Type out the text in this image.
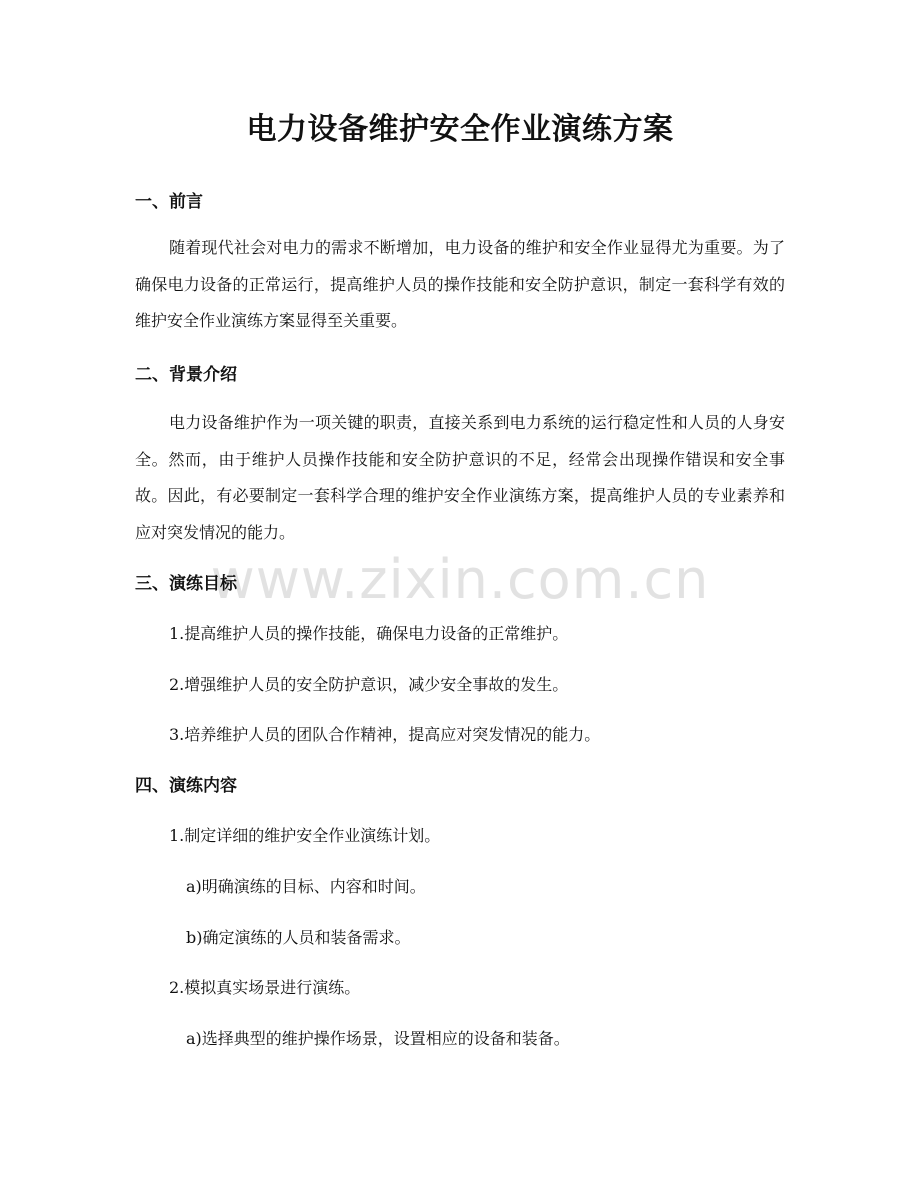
www.zixin.com.cn
电力设备维护安全作业演练方案
一、前言

随着现代社会对电力的需求不断增加，电力设备的维护和安全作业显得尤为重要。为了确保电力设备的正常运行，提高维护人员的操作技能和安全防护意识，制定一套科学有效的维护安全作业演练方案显得至关重要。

二、背景介绍

电力设备维护作为一项关键的职责，直接关系到电力系统的运行稳定性和人员的人身安全。然而，由于维护人员操作技能和安全防护意识的不足，经常会出现操作错误和安全事故。因此，有必要制定一套科学合理的维护安全作业演练方案，提高维护人员的专业素养和应对突发情况的能力。

三、演练目标
1.提高维护人员的操作技能，确保电力设备的正常维护。
2.增强维护人员的安全防护意识，减少安全事故的发生。
3.培养维护人员的团队合作精神，提高应对突发情况的能力。
四、演练内容
1.制定详细的维护安全作业演练计划。
a)明确演练的目标、内容和时间。
b)确定演练的人员和装备需求。
2.模拟真实场景进行演练。
a)选择典型的维护操作场景，设置相应的设备和装备。
